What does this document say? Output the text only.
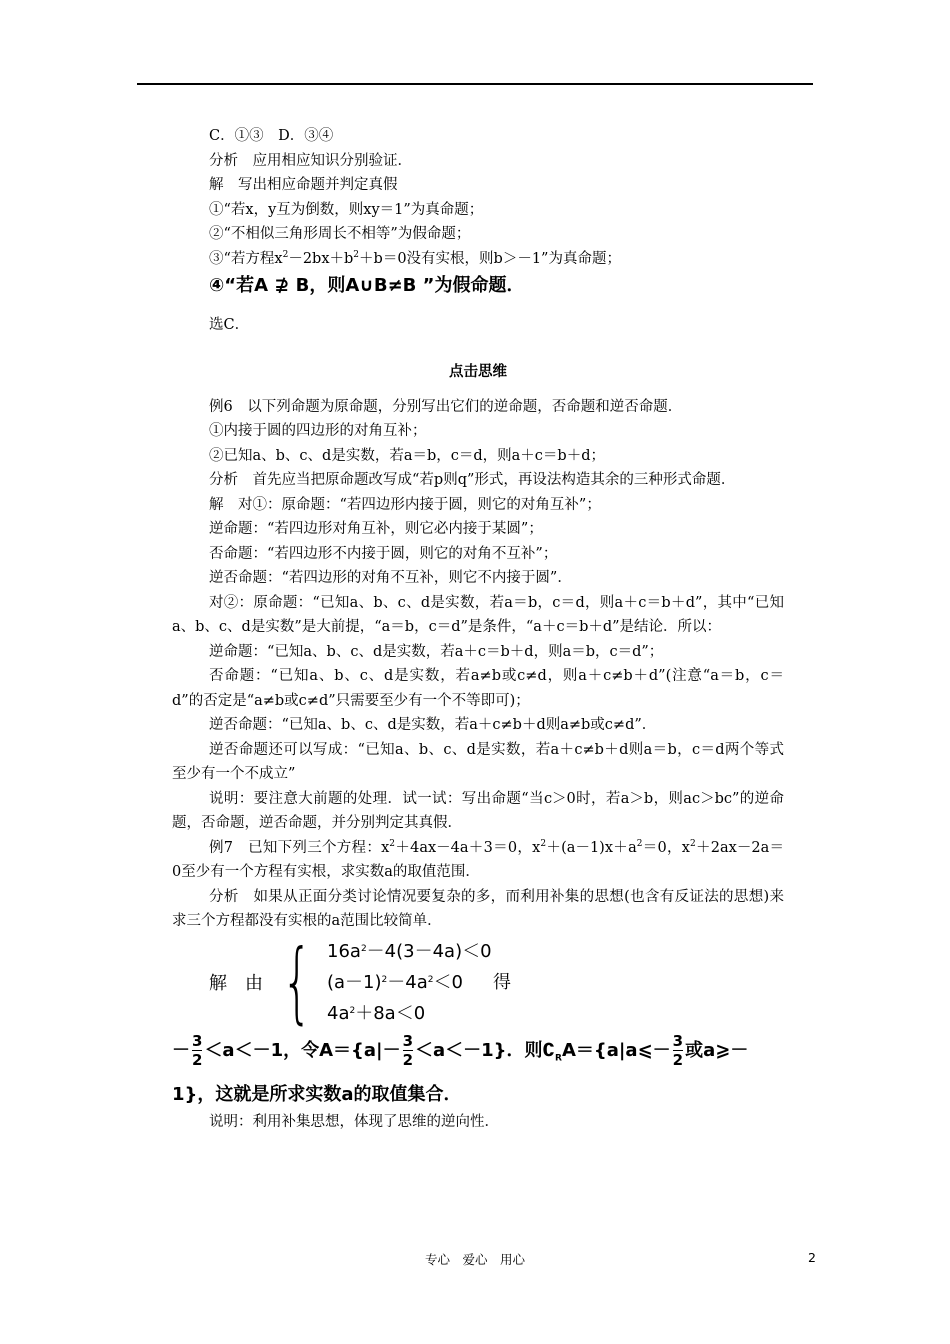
C．①③　D．③④
分析　应用相应知识分别验证．
解　写出相应命题并判定真假
①“若x，y互为倒数，则xy＝1”为真命题；
②“不相似三角形周长不相等”为假命题；
③“若方程$x^2-2bx+b^2+b=0$没有实根，则b＞－1”为真命题；
④“若A ⊉ B，则A∪B≠B ”为假命题．
选C．
点击思维
例6　以下列命题为原命题，分别写出它们的逆命题，否命题和逆否命题．
①内接于圆的四边形的对角互补；
②已知a、b、c、d是实数，若a＝b，c＝d，则a＋c＝b＋d；
分析　首先应当把原命题改写成“若p则q”形式，再设法构造其余的三种形式命题．
解　对①：原命题：“若四边形内接于圆，则它的对角互补”；
逆命题：“若四边形对角互补，则它必内接于某圆”；
否命题：“若四边形不内接于圆，则它的对角不互补”；
逆否命题：“若四边形的对角不互补，则它不内接于圆”．
对②：原命题：“已知a、b、c、d是实数，若a＝b，c＝d，则a＋c＝b＋d”，其中“已知a、b、c、d是实数”是大前提，“a＝b，c＝d”是条件，“a＋c＝b＋d”是结论．所以：
逆命题：“已知a、b、c、d是实数，若a＋c＝b＋d，则a＝b，c＝d”；
否命题：“已知a、b、c、d是实数，若a≠b或c≠d，则a＋c≠b＋d”(注意“a＝b，c＝d”的否定是“a≠b或c≠d”只需要至少有一个不等即可)；
逆否命题：“已知a、b、c、d是实数，若a＋c≠b＋d则a≠b或c≠d”．
逆否命题还可以写成：“已知a、b、c、d是实数，若a＋c≠b＋d则a＝b，c＝d两个等式至少有一个不成立”
说明：要注意大前题的处理．试一试：写出命题“当c＞0时，若a＞b，则ac＞bc”的逆命题，否命题，逆否命题，并分别判定其真假．
例7　已知下列三个方程：$x^2+4ax-4a+3=0$，$x^2+(a-1)x+a^2=0$，$x^2+2ax-2a=0$至少有一个方程有实根，求实数a的取值范围．
分析　如果从正面分类讨论情况要复杂的多，而利用补集的思想(也含有反证法的思想)来求三个方程都没有实根的a范围比较简单．
解　由 { $16a^2-4(3-4a)<0$
$(a-1)^2-4a^2<0$ 得
$4a^2+8a<0$
－ $\frac{3}{2} <a<-1$，令$A=\{a|- \frac{3}{2} <a<-1\}$．则$∁_RA=\{a|a⩽- \frac{3}{2}$ 或a⩾－
1}，这就是所求实数a的取值集合．
说明：利用补集思想，体现了思维的逆向性．
专心　爱心　用心	2
